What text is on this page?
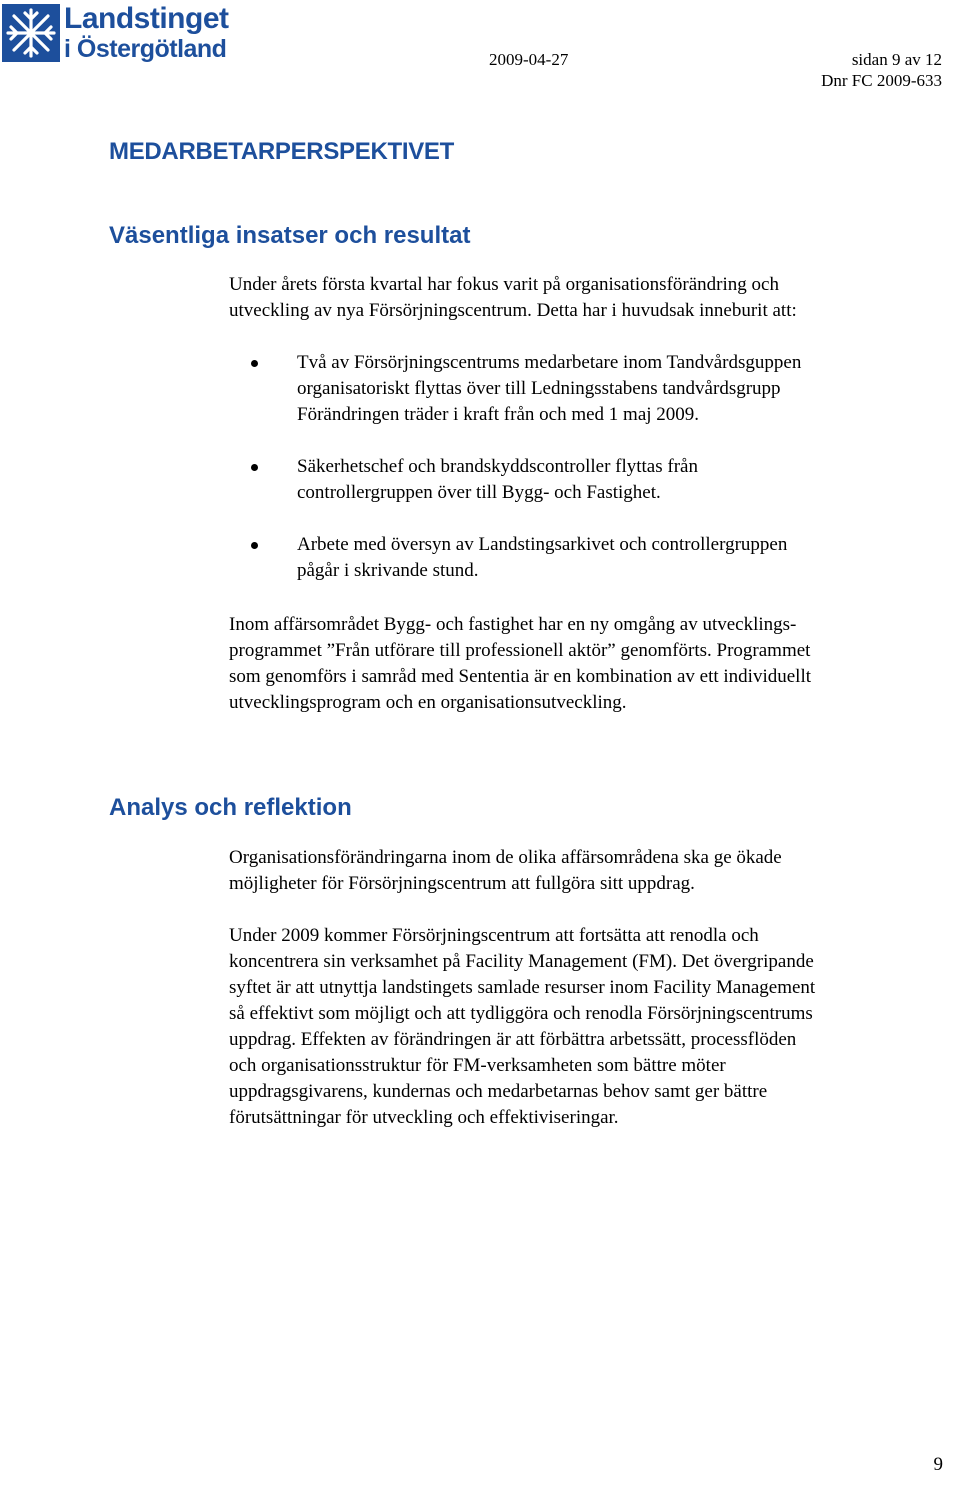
Landstinget
i Östergötland	2009-04-27	sidan 9 av 12
Dnr FC 2009-633
MEDARBETARPERSPEKTIVET
Väsentliga insatser och resultat
Under årets första kvartal har fokus varit på organisationsförändring och
utveckling av nya Försörjningscentrum. Detta har i huvudsak inneburit att:
Två av Försörjningscentrums medarbetare inom Tandvårdsguppen
organisatoriskt flyttas över till Ledningsstabens tandvårdsgrupp
Förändringen träder i kraft från och med 1 maj 2009.
Säkerhetschef och brandskyddscontroller flyttas från
controllergruppen över till Bygg- och Fastighet.
Arbete med översyn av Landstingsarkivet och controllergruppen
pågår i skrivande stund.
Inom affärsområdet Bygg- och fastighet har en ny omgång av utvecklings-
programmet ”Från utförare till professionell aktör” genomförts. Programmet
som genomförs i samråd med Sententia är en kombination av ett individuellt
utvecklingsprogram och en organisationsutveckling.
Analys och reflektion
Organisationsförändringarna inom de olika affärsområdena ska ge ökade
möjligheter för Försörjningscentrum att fullgöra sitt uppdrag.
Under 2009 kommer Försörjningscentrum att fortsätta att renodla och
koncentrera sin verksamhet på Facility Management (FM). Det övergripande
syftet är att utnyttja landstingets samlade resurser inom Facility Management
så effektivt som möjligt och att tydliggöra och renodla Försörjningscentrums
uppdrag. Effekten av förändringen är att förbättra arbetssätt, processflöden
och organisationsstruktur för FM-verksamheten som bättre möter
uppdragsgivarens, kundernas och medarbetarnas behov samt ger bättre
förutsättningar för utveckling och effektiviseringar.
9
